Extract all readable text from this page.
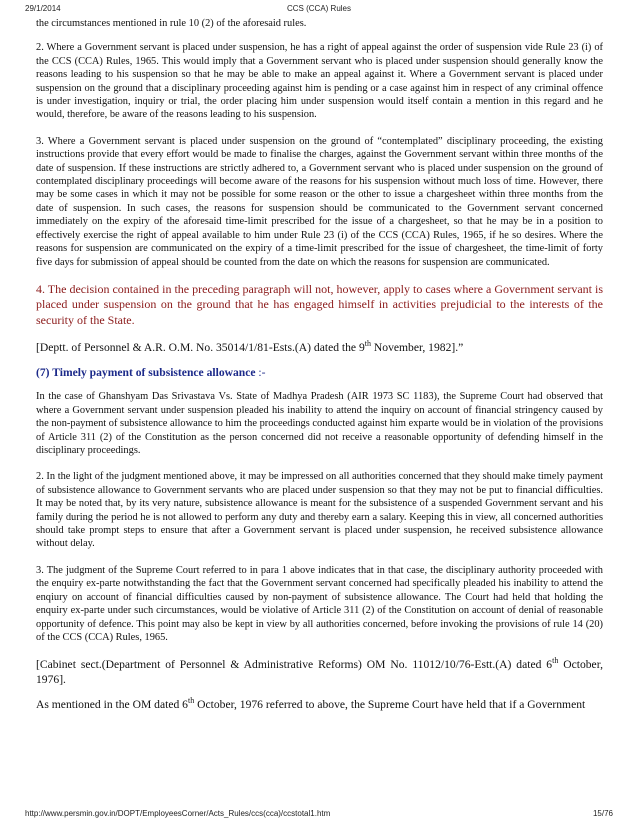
29/1/2014	CCS (CCA) Rules

the circumstances mentioned in rule 10 (2) of the aforesaid rules.

2. Where a Government servant is placed under suspension, he has a right of appeal against the order of suspension vide Rule 23 (i) of the CCS (CCA) Rules, 1965. This would imply that a Government servant who is placed under suspension should generally know the reasons leading to his suspension so that he may be able to make an appeal against it. Where a Government servant is placed under suspension on the ground that a disciplinary proceeding against him is pending or a case against him in respect of any criminal offence is under investigation, inquiry or trial, the order placing him under suspension would itself contain a mention in this regard and he would, therefore, be aware of the reasons leading to his suspension.

3. Where a Government servant is placed under suspension on the ground of “contemplated” disciplinary proceeding, the existing instructions provide that every effort would be made to finalise the charges, against the Government servant within three months of the date of suspension. If these instructions are strictly adhered to, a Government servant who is placed under suspension on the ground of contemplated disciplinary proceedings will become aware of the reasons for his suspension without much loss of time. However, there may be some cases in which it may not be possible for some reason or the other to issue a chargesheet within three months from the date of suspension. In such cases, the reasons for suspension should be communicated to the Government servant concerned immediately on the expiry of the aforesaid time-limit prescribed for the issue of a chargesheet, so that he may be in a position to effectively exercise the right of appeal available to him under Rule 23 (i) of the CCS (CCA) Rules, 1965, if he so desires. Where the reasons for suspension are communicated on the expiry of a time-limit prescribed for the issue of chargesheet, the time-limit of forty five days for submission of appeal should be counted from the date on which the reasons for suspension are communicated.

4. The decision contained in the preceding paragraph will not, however, apply to cases where a Government servant is placed under suspension on the ground that he has engaged himself in activities prejudicial to the interests of the security of the State.

[Deptt. of Personnel & A.R. O.M. No. 35014/1/81-Ests.(A) dated the 9th November, 1982].”

(7) Timely payment of subsistence allowance :-

In the case of Ghanshyam Das Srivastava Vs. State of Madhya Pradesh (AIR 1973 SC 1183), the Supreme Court had observed that where a Government servant under suspension pleaded his inability to attend the inquiry on account of financial stringency caused by the non-payment of subsistence allowance to him the proceedings conducted against him exparte would be in violation of the provisions of Article 311 (2) of the Constitution as the person concerned did not receive a reasonable opportunity of defending himself in the disciplinary proceedings.

2. In the light of the judgment mentioned above, it may be impressed on all authorities concerned that they should make timely payment of subsistence allowance to Government servants who are placed under suspension so that they may not be put to financial difficulties. It may be noted that, by its very nature, subsistence allowance is meant for the subsistence of a suspended Government servant and his family during the period he is not allowed to perform any duty and thereby earn a salary. Keeping this in view, all concerned authorities should take prompt steps to ensure that after a Government servant is placed under suspension, he received subsistence allowance without delay.

3. The judgment of the Supreme Court referred to in para 1 above indicates that in that case, the disciplinary authority proceeded with the enquiry ex-parte notwithstanding the fact that the Government servant concerned had specifically pleaded his inability to attend the enqiury on account of financial difficulties caused by non-payment of subsistence allowance. The Court had held that holding the enquiry ex-parte under such circumstances, would be violative of Article 311 (2) of the Constitution on account of denial of reasonable opportunity of defence. This point may also be kept in view by all authorities concerned, before invoking the provisions of rule 14 (20) of the CCS (CCA) Rules, 1965.

[Cabinet sect.(Department of Personnel & Administrative Reforms) OM No. 11012/10/76-Estt.(A) dated 6th October, 1976].

As mentioned in the OM dated 6th October, 1976 referred to above, the Supreme Court have held that if a Government

http://www.persmin.gov.in/DOPT/EmployeesCorner/Acts_Rules/ccs(cca)/ccstotal1.htm	15/76
